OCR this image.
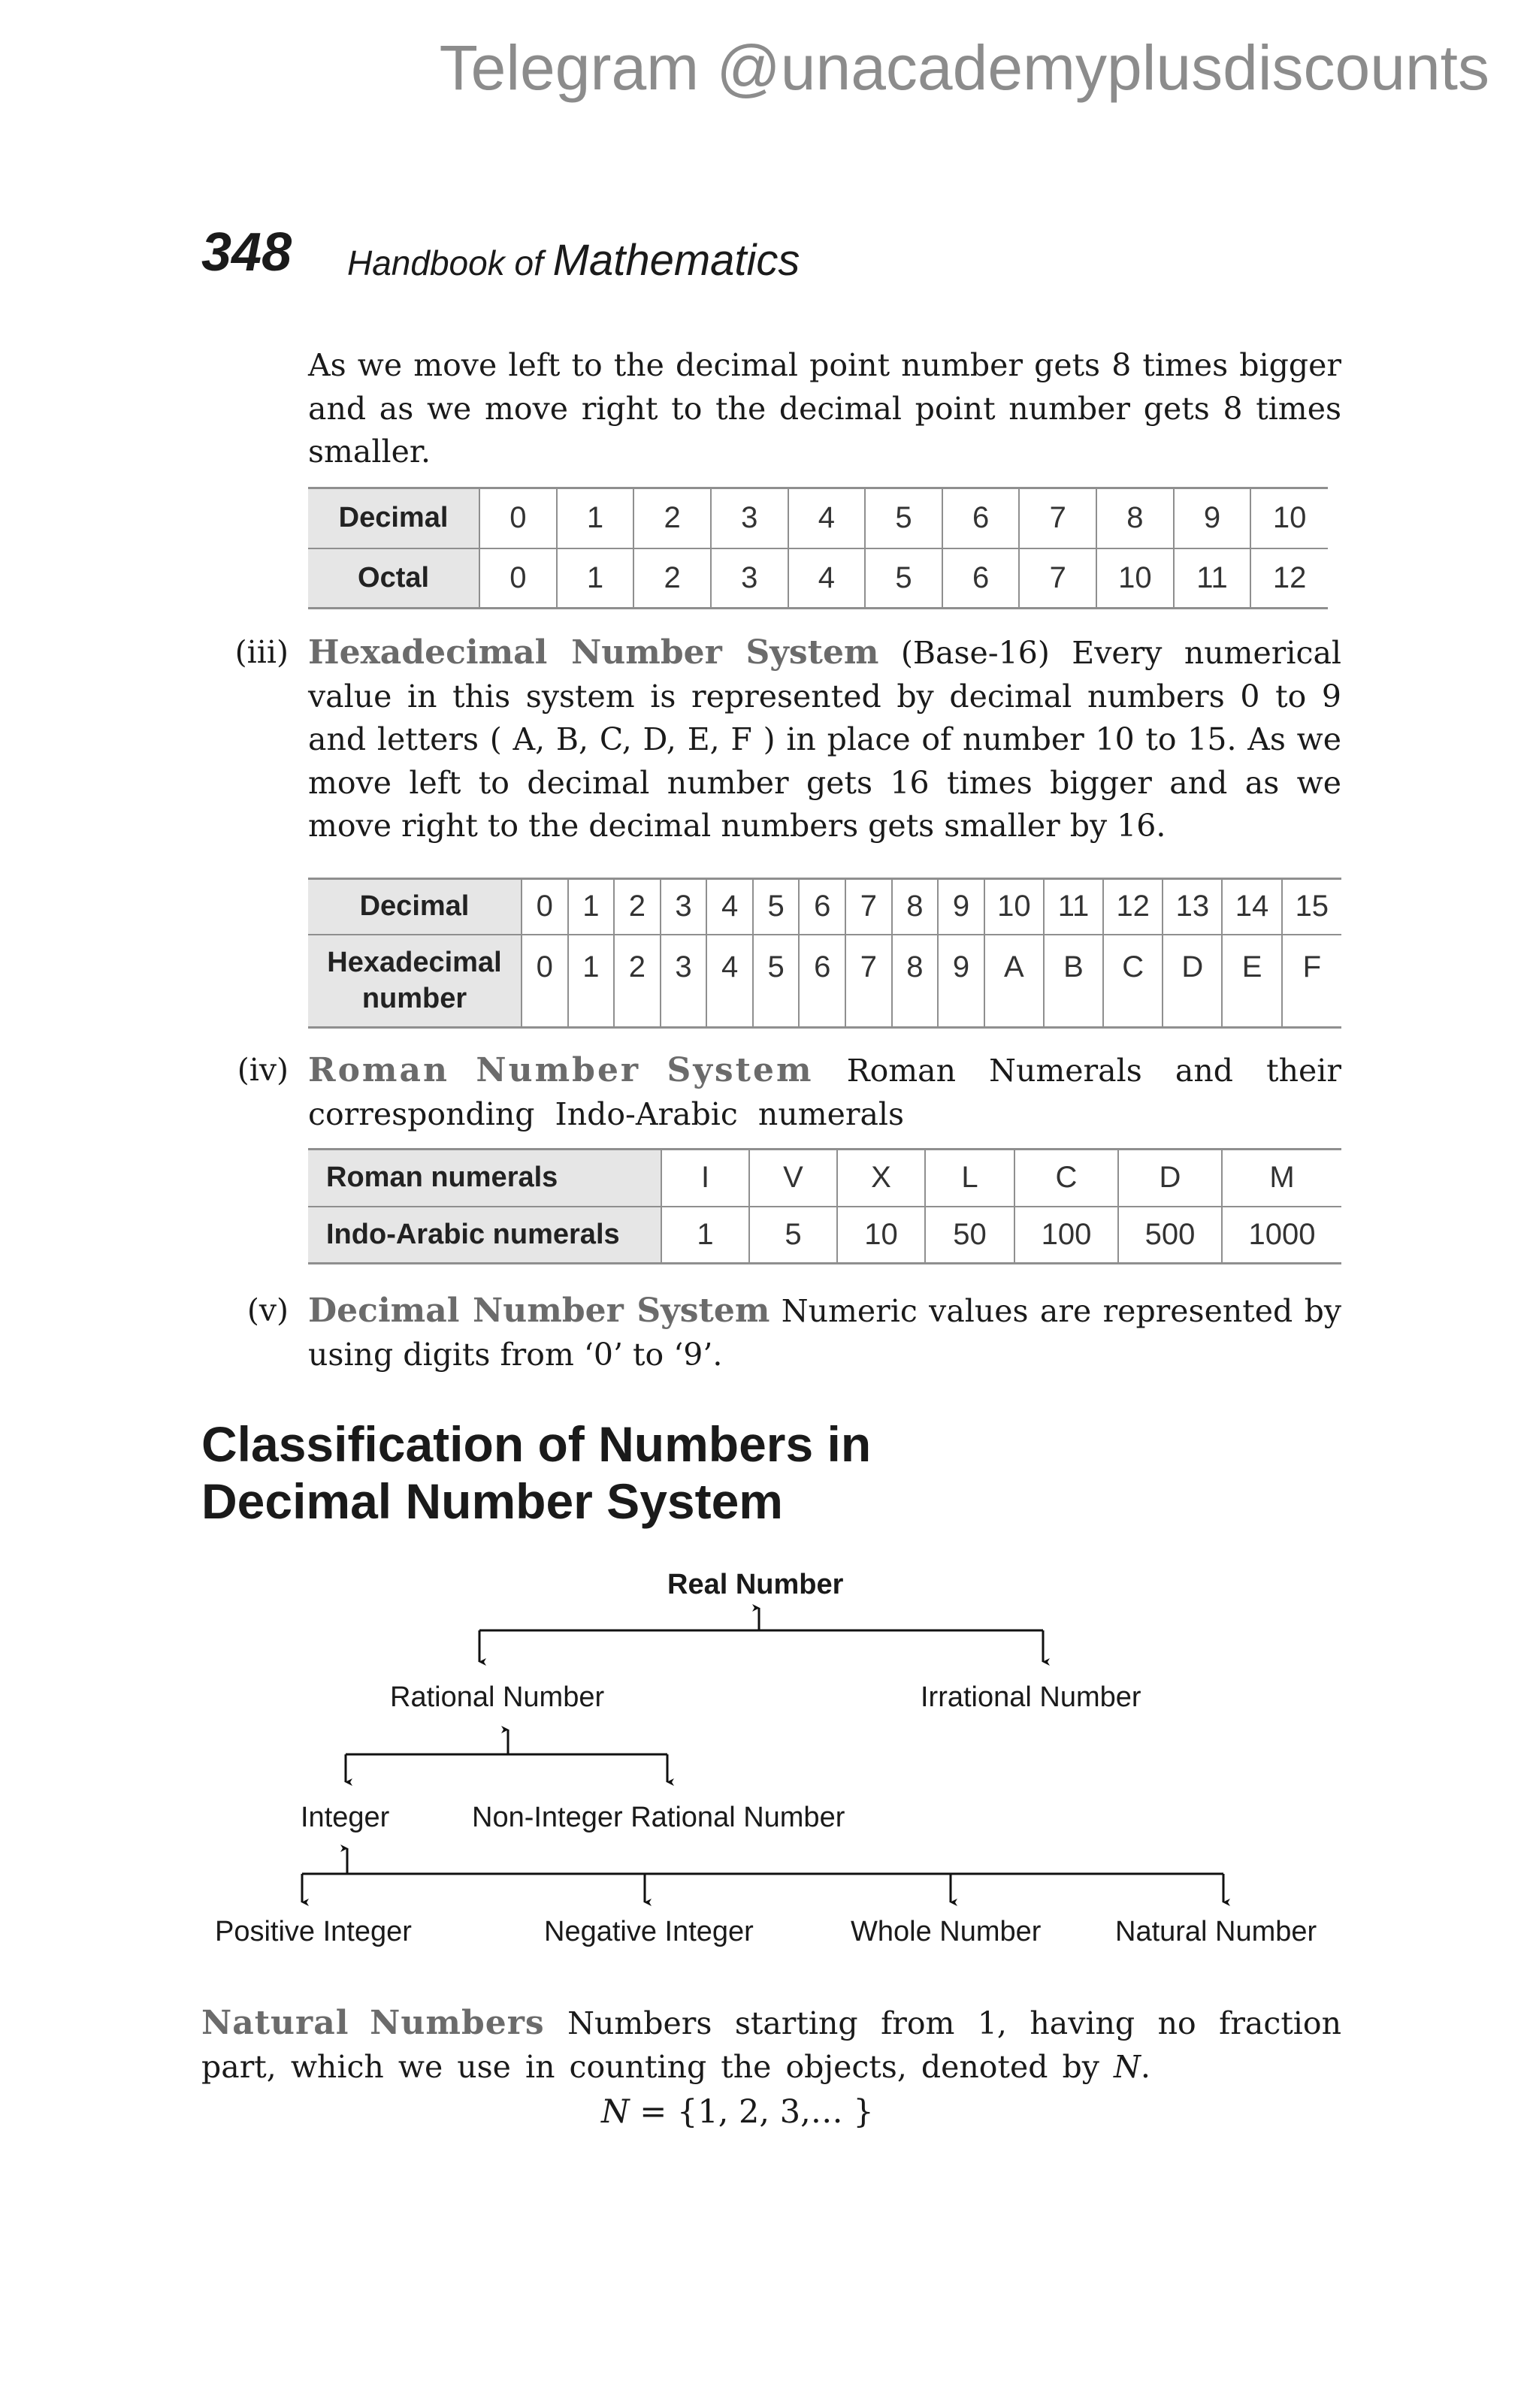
Telegram @unacademyplusdiscounts
348 Handbook of Mathematics
As we move left to the decimal point number gets 8 times bigger and as we move right to the decimal point number gets 8 times smaller.
Decimal	0	1	2	3	4	5	6	7	8	9	10
Octal	0	1	2	3	4	5	6	7	10	11	12
(iii) Hexadecimal Number System (Base-16) Every numerical value in this system is represented by decimal numbers 0 to 9 and letters ( A, B, C, D, E, F ) in place of number 10 to 15. As we move left to decimal number gets 16 times bigger and as we move right to the decimal numbers gets smaller by 16.
Decimal	0	1	2	3	4	5	6	7	8	9	10	11	12	13	14	15
Hexadecimal
number	0	1	2	3	4	5	6	7	8	9	A	B	C	D	E	F
(iv) Roman Number System Roman Numerals and their corresponding Indo-Arabic numerals
Roman numerals	I	V	X	L	C	D	M
Indo-Arabic numerals	1	5	10	50	100	500	1000
(v) Decimal Number System Numeric values are represented by using digits from ‘0’ to ‘9’.
Classification of Numbers in
Decimal Number System
Real Number
Rational Number	Irrational Number
Integer	Non-Integer Rational Number
Positive Integer	Negative Integer	Whole Number	Natural Number
Natural Numbers Numbers starting from 1, having no fraction part, which we use in counting the objects, denoted by N.
N = {1, 2, 3,… }
